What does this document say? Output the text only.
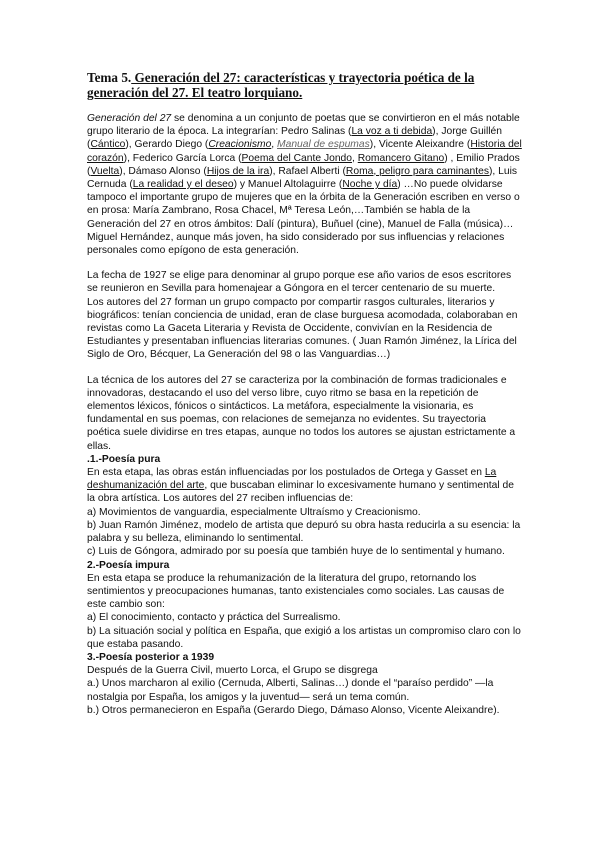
Tema 5. Generación del 27: características y trayectoria poética de la generación del 27. El teatro lorquiano.

Generación del 27 se denomina a un conjunto de poetas que se convirtieron en el más notable grupo literario de la época. La integrarían: Pedro Salinas (La voz a ti debida), Jorge Guillén (Cántico), Gerardo Diego (Creacionismo, Manual de espumas), Vicente Aleixandre (Historia del corazón), Federico García Lorca (Poema del Cante Jondo, Romancero Gitano) , Emilio Prados (Vuelta), Dámaso Alonso (Hijos de la ira), Rafael Alberti (Roma, peligro para caminantes), Luis Cernuda (La realidad y el deseo) y Manuel Altolaguirre (Noche y día) …No puede olvidarse tampoco el importante grupo de mujeres que en la órbita de la Generación escriben en verso o en prosa: María Zambrano, Rosa Chacel, Mª Teresa León,…También se habla de la Generación del 27 en otros ámbitos: Dalí (pintura), Buñuel (cine), Manuel de Falla (música)…Miguel Hernández, aunque más joven, ha sido considerado por sus influencias y relaciones personales como epígono de esta generación.

La fecha de 1927 se elige para denominar al grupo porque ese año varios de esos escritores se reunieron en Sevilla para homenajear a Góngora en el tercer centenario de su muerte.

Los autores del 27 forman un grupo compacto por compartir rasgos culturales, literarios y biográficos: tenían conciencia de unidad, eran de clase burguesa acomodada, colaboraban en revistas como La Gaceta Literaria y Revista de Occidente, convivían en la Residencia de Estudiantes y presentaban influencias literarias comunes. ( Juan Ramón Jiménez, la Lírica del Siglo de Oro, Bécquer, La Generación del 98 o las Vanguardias…)

La técnica de los autores del 27 se caracteriza por la combinación de formas tradicionales e innovadoras, destacando el uso del verso libre, cuyo ritmo se basa en la repetición de elementos léxicos, fónicos o sintácticos. La metáfora, especialmente la visionaria, es fundamental en sus poemas, con relaciones de semejanza no evidentes. Su trayectoria poética suele dividirse en tres etapas, aunque no todos los autores se ajustan estrictamente a ellas.

.1.-Poesía pura

En esta etapa, las obras están influenciadas por los postulados de Ortega y Gasset en La deshumanización del arte, que buscaban eliminar lo excesivamente humano y sentimental de la obra artística. Los autores del 27 reciben influencias de:

a) Movimientos de vanguardia, especialmente Ultraísmo y Creacionismo.

b) Juan Ramón Jiménez, modelo de artista que depuró su obra hasta reducirla a su esencia: la palabra y su belleza, eliminando lo sentimental.

c) Luis de Góngora, admirado por su poesía que también huye de lo sentimental y humano.

2.-Poesía impura

En esta etapa se produce la rehumanización de la literatura del grupo, retornando los sentimientos y preocupaciones humanas, tanto existenciales como sociales. Las causas de este cambio son:

a) El conocimiento, contacto y práctica del Surrealismo.

b) La situación social y política en España, que exigió a los artistas un compromiso claro con lo que estaba pasando.

3.-Poesía posterior a 1939

Después de la Guerra Civil, muerto Lorca, el Grupo se disgrega

a.) Unos marcharon al exilio (Cernuda, Alberti, Salinas…) donde el “paraíso perdido” —la nostalgia por España, los amigos y la juventud— será un tema común.

b.) Otros permanecieron en España (Gerardo Diego, Dámaso Alonso, Vicente Aleixandre).
